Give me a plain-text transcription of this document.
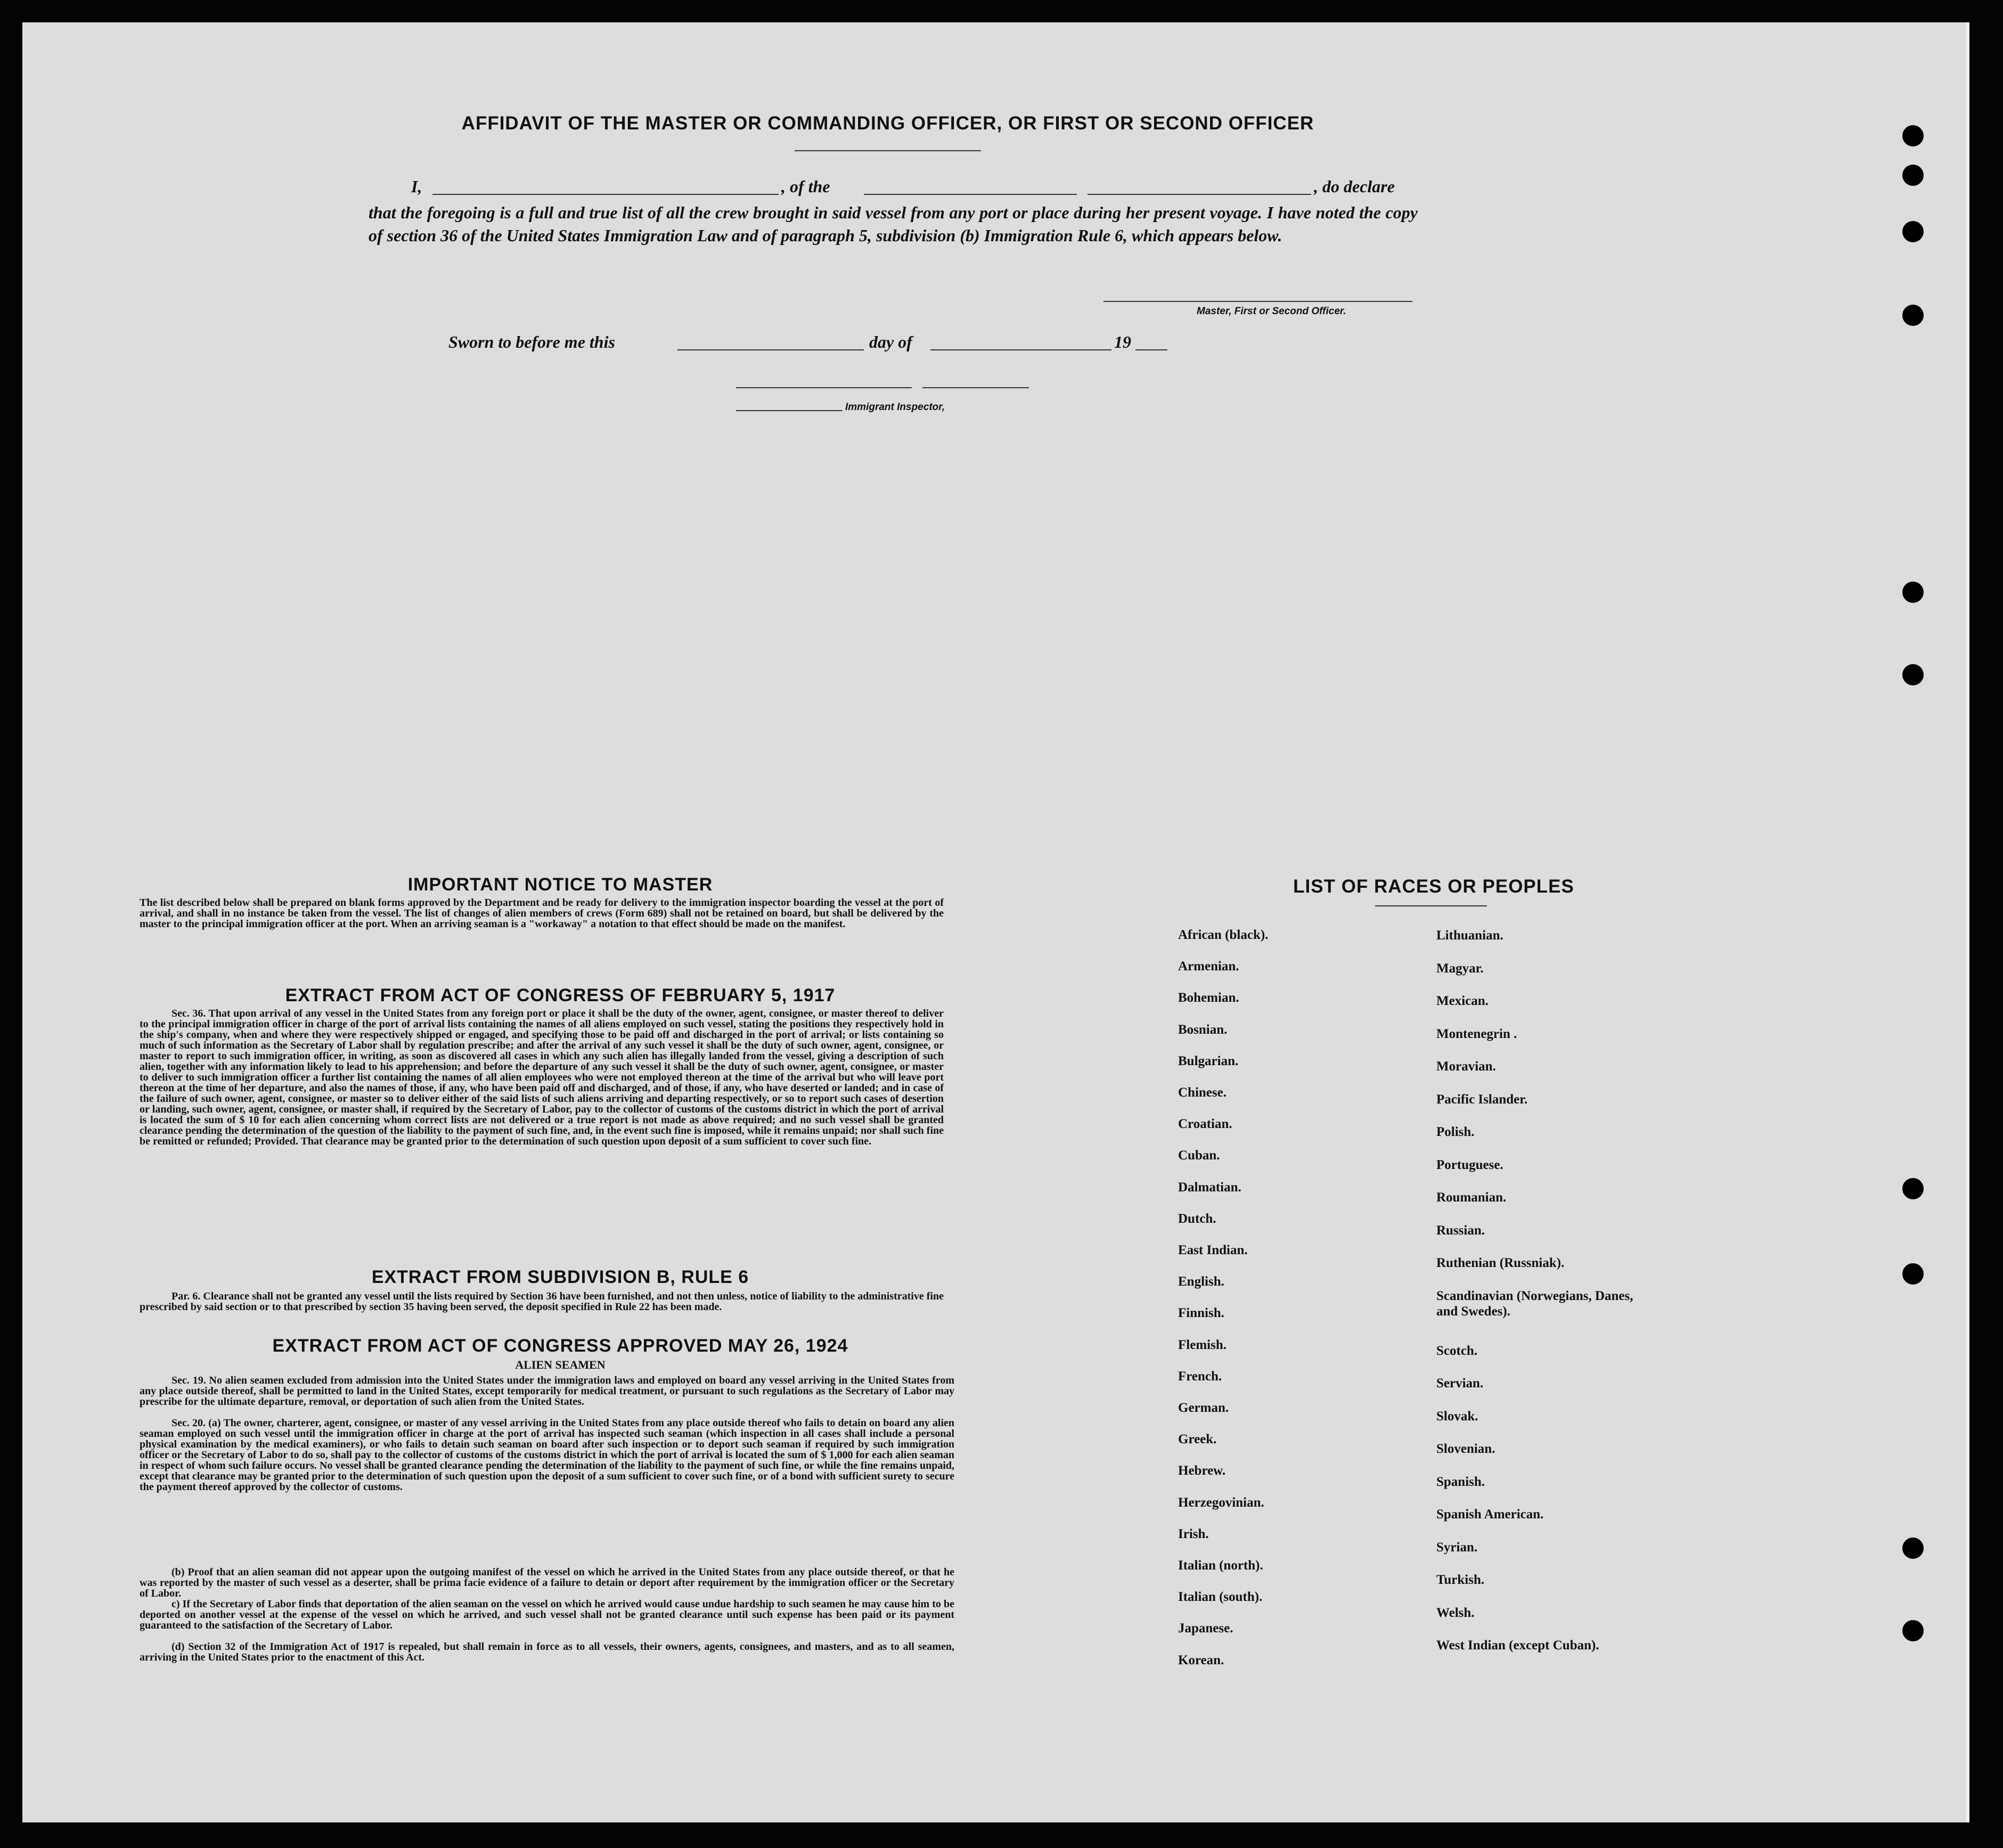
AFFIDAVIT OF THE MASTER OR COMMANDING OFFICER, OR FIRST OR SECOND OFFICER
I,	, of the	, do declare
that the foregoing is a full and true list of all the crew brought in said vessel from any port or place during her present voyage. I have noted the copy of section 36 of the United States Immigration Law and of paragraph 5, subdivision (b) Immigration Rule 6, which appears below.
Master, First or Second Officer.
Sworn to before me this	day of	19
Immigrant Inspector,
IMPORTANT NOTICE TO MASTER
The list described below shall be prepared on blank forms approved by the Department and be ready for delivery to the immigration inspector boarding the vessel at the port of arrival, and shall in no instance be taken from the vessel. The list of changes of alien members of crews (Form 689) shall not be retained on board, but shall be delivered by the master to the principal immigration officer at the port. When an arriving seaman is a "workaway" a notation to that effect should be made on the manifest.
EXTRACT FROM ACT OF CONGRESS OF FEBRUARY 5, 1917
Sec. 36. That upon arrival of any vessel in the United States from any foreign port or place it shall be the duty of the owner, agent, consignee, or master thereof to deliver to the principal immigration officer in charge of the port of arrival lists containing the names of all aliens employed on such vessel, stating the positions they respectively hold in the ship's company, when and where they were respectively shipped or engaged, and specifying those to be paid off and discharged in the port of arrival; or lists containing so much of such information as the Secretary of Labor shall by regulation prescribe; and after the arrival of any such vessel it shall be the duty of such owner, agent, consignee, or master to report to such immigration officer, in writing, as soon as discovered all cases in which any such alien has illegally landed from the vessel, giving a description of such alien, together with any information likely to lead to his apprehension; and before the departure of any such vessel it shall be the duty of such owner, agent, consignee, or master to deliver to such immigration officer a further list containing the names of all alien employees who were not employed thereon at the time of the arrival but who will leave port thereon at the time of her departure, and also the names of those, if any, who have been paid off and discharged, and of those, if any, who have deserted or landed; and in case of the failure of such owner, agent, consignee, or master so to deliver either of the said lists of such aliens arriving and departing respectively, or so to report such cases of desertion or landing, such owner, agent, consignee, or master shall, if required by the Secretary of Labor, pay to the collector of customs of the customs district in which the port of arrival is located the sum of $ 10 for each alien concerning whom correct lists are not delivered or a true report is not made as above required; and no such vessel shall be granted clearance pending the determination of the question of the liability to the payment of such fine, and, in the event such fine is imposed, while it remains unpaid; nor shall such fine be remitted or refunded; Provided. That clearance may be granted prior to the determination of such question upon deposit of a sum sufficient to cover such fine.
EXTRACT FROM SUBDIVISION B, RULE 6
Par. 6. Clearance shall not be granted any vessel until the lists required by Section 36 have been furnished, and not then unless, notice of liability to the administrative fine prescribed by said section or to that prescribed by section 35 having been served, the deposit specified in Rule 22 has been made.
EXTRACT FROM ACT OF CONGRESS APPROVED MAY 26, 1924
ALIEN SEAMEN
Sec. 19. No alien seamen excluded from admission into the United States under the immigration laws and employed on board any vessel arriving in the United States from any place outside thereof, shall be permitted to land in the United States, except temporarily for medical treatment, or pursuant to such regulations as the Secretary of Labor may prescribe for the ultimate departure, removal, or deportation of such alien from the United States.
Sec. 20. (a) The owner, charterer, agent, consignee, or master of any vessel arriving in the United States from any place outside thereof who fails to detain on board any alien seaman employed on such vessel until the immigration officer in charge at the port of arrival has inspected such seaman (which inspection in all cases shall include a personal physical examination by the medical examiners), or who fails to detain such seaman on board after such inspection or to deport such seaman if required by such immigration officer or the Secretary of Labor to do so, shall pay to the collector of customs of the customs district in which the port of arrival is located the sum of $ 1,000 for each alien seaman in respect of whom such failure occurs. No vessel shall be granted clearance pending the determination of the liability to the payment of such fine, or while the fine remains unpaid, except that clearance may be granted prior to the determination of such question upon the deposit of a sum sufficient to cover such fine, or of a bond with sufficient surety to secure the payment thereof approved by the collector of customs.
(b) Proof that an alien seaman did not appear upon the outgoing manifest of the vessel on which he arrived in the United States from any place outside thereof, or that he was reported by the master of such vessel as a deserter, shall be prima facie evidence of a failure to detain or deport after requirement by the immigration officer or the Secretary of Labor.
c) If the Secretary of Labor finds that deportation of the alien seaman on the vessel on which he arrived would cause undue hardship to such seamen he may cause him to be deported on another vessel at the expense of the vessel on which he arrived, and such vessel shall not be granted clearance until such expense has been paid or its payment guaranteed to the satisfaction of the Secretary of Labor.
(d) Section 32 of the Immigration Act of 1917 is repealed, but shall remain in force as to all vessels, their owners, agents, consignees, and masters, and as to all seamen, arriving in the United States prior to the enactment of this Act.
LIST OF RACES OR PEOPLES
African (black).
Armenian.
Bohemian.
Bosnian.
Bulgarian.
Chinese.
Croatian.
Cuban.
Dalmatian.
Dutch.
East Indian.
English.
Finnish.
Flemish.
French.
German.
Greek.
Hebrew.
Herzegovinian.
Irish.
Italian (north).
Italian (south).
Japanese.
Korean.
Lithuanian.
Magyar.
Mexican.
Montenegrin .
Moravian.
Pacific Islander.
Polish.
Portuguese.
Roumanian.
Russian.
Ruthenian (Russniak).
Scandinavian (Norwegians, Danes, and Swedes).
Scotch.
Servian.
Slovak.
Slovenian.
Spanish.
Spanish American.
Syrian.
Turkish.
Welsh.
West Indian (except Cuban).
